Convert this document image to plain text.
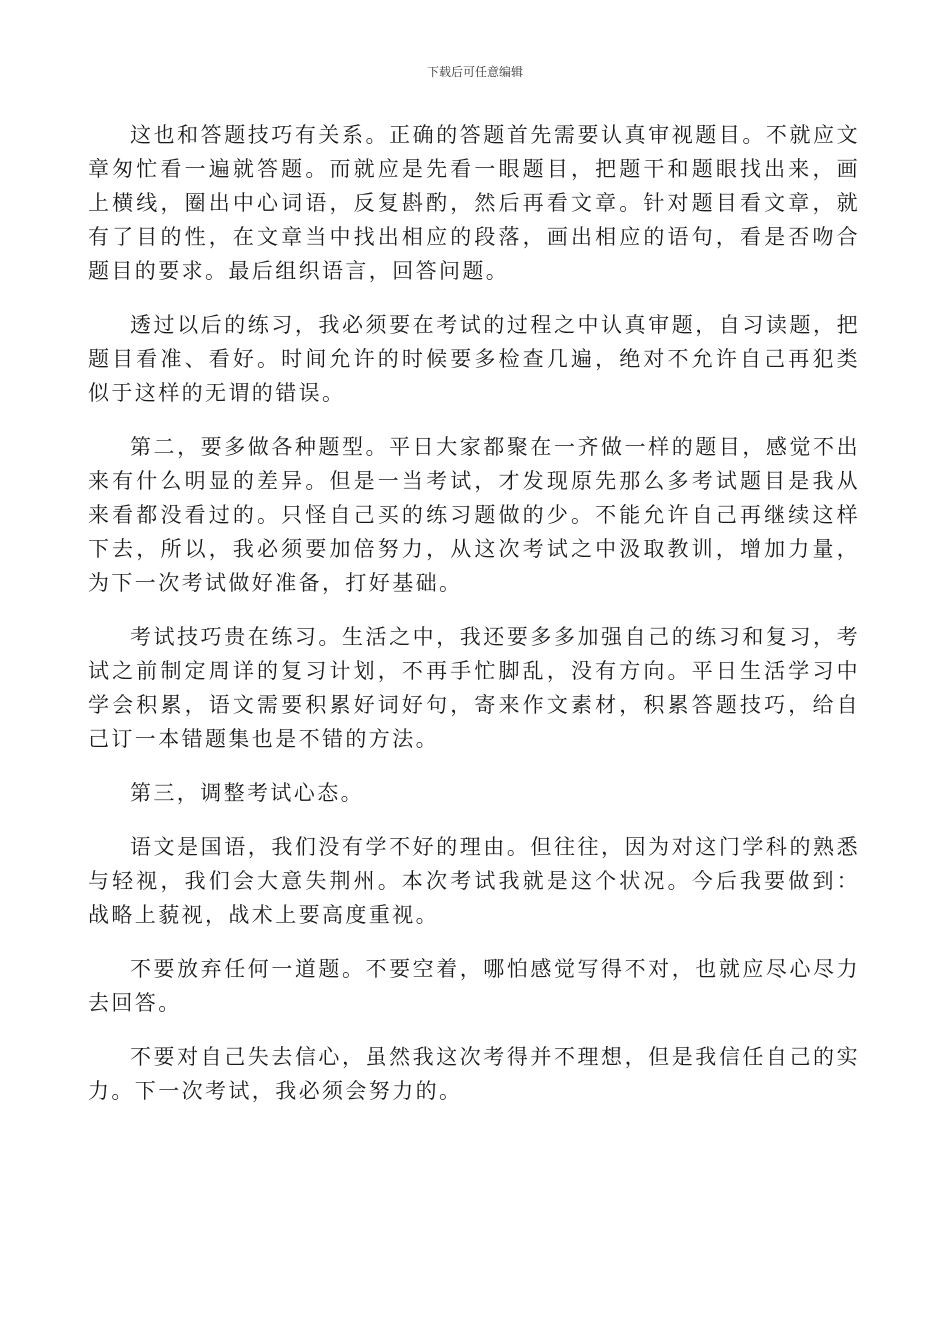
下载后可任意编辑

这也和答题技巧有关系。正确的答题首先需要认真审视题目。不就应文章匆忙看一遍就答题。而就应是先看一眼题目，把题干和题眼找出来，画上横线，圈出中心词语，反复斟酌，然后再看文章。针对题目看文章，就有了目的性，在文章当中找出相应的段落，画出相应的语句，看是否吻合题目的要求。最后组织语言，回答问题。

透过以后的练习，我必须要在考试的过程之中认真审题，自习读题，把题目看准、看好。时间允许的时候要多检查几遍，绝对不允许自己再犯类似于这样的无谓的错误。

第二，要多做各种题型。平日大家都聚在一齐做一样的题目，感觉不出来有什么明显的差异。但是一当考试，才发现原先那么多考试题目是我从来看都没看过的。只怪自己买的练习题做的少。不能允许自己再继续这样下去，所以，我必须要加倍努力，从这次考试之中汲取教训，增加力量，为下一次考试做好准备，打好基础。

考试技巧贵在练习。生活之中，我还要多多加强自己的练习和复习，考试之前制定周详的复习计划，不再手忙脚乱，没有方向。平日生活学习中学会积累，语文需要积累好词好句，寄来作文素材，积累答题技巧，给自己订一本错题集也是不错的方法。

第三，调整考试心态。

语文是国语，我们没有学不好的理由。但往往，因为对这门学科的熟悉与轻视，我们会大意失荆州。本次考试我就是这个状况。今后我要做到：战略上藐视，战术上要高度重视。

不要放弃任何一道题。不要空着，哪怕感觉写得不对，也就应尽心尽力去回答。

不要对自己失去信心，虽然我这次考得并不理想，但是我信任自己的实力。下一次考试，我必须会努力的。
